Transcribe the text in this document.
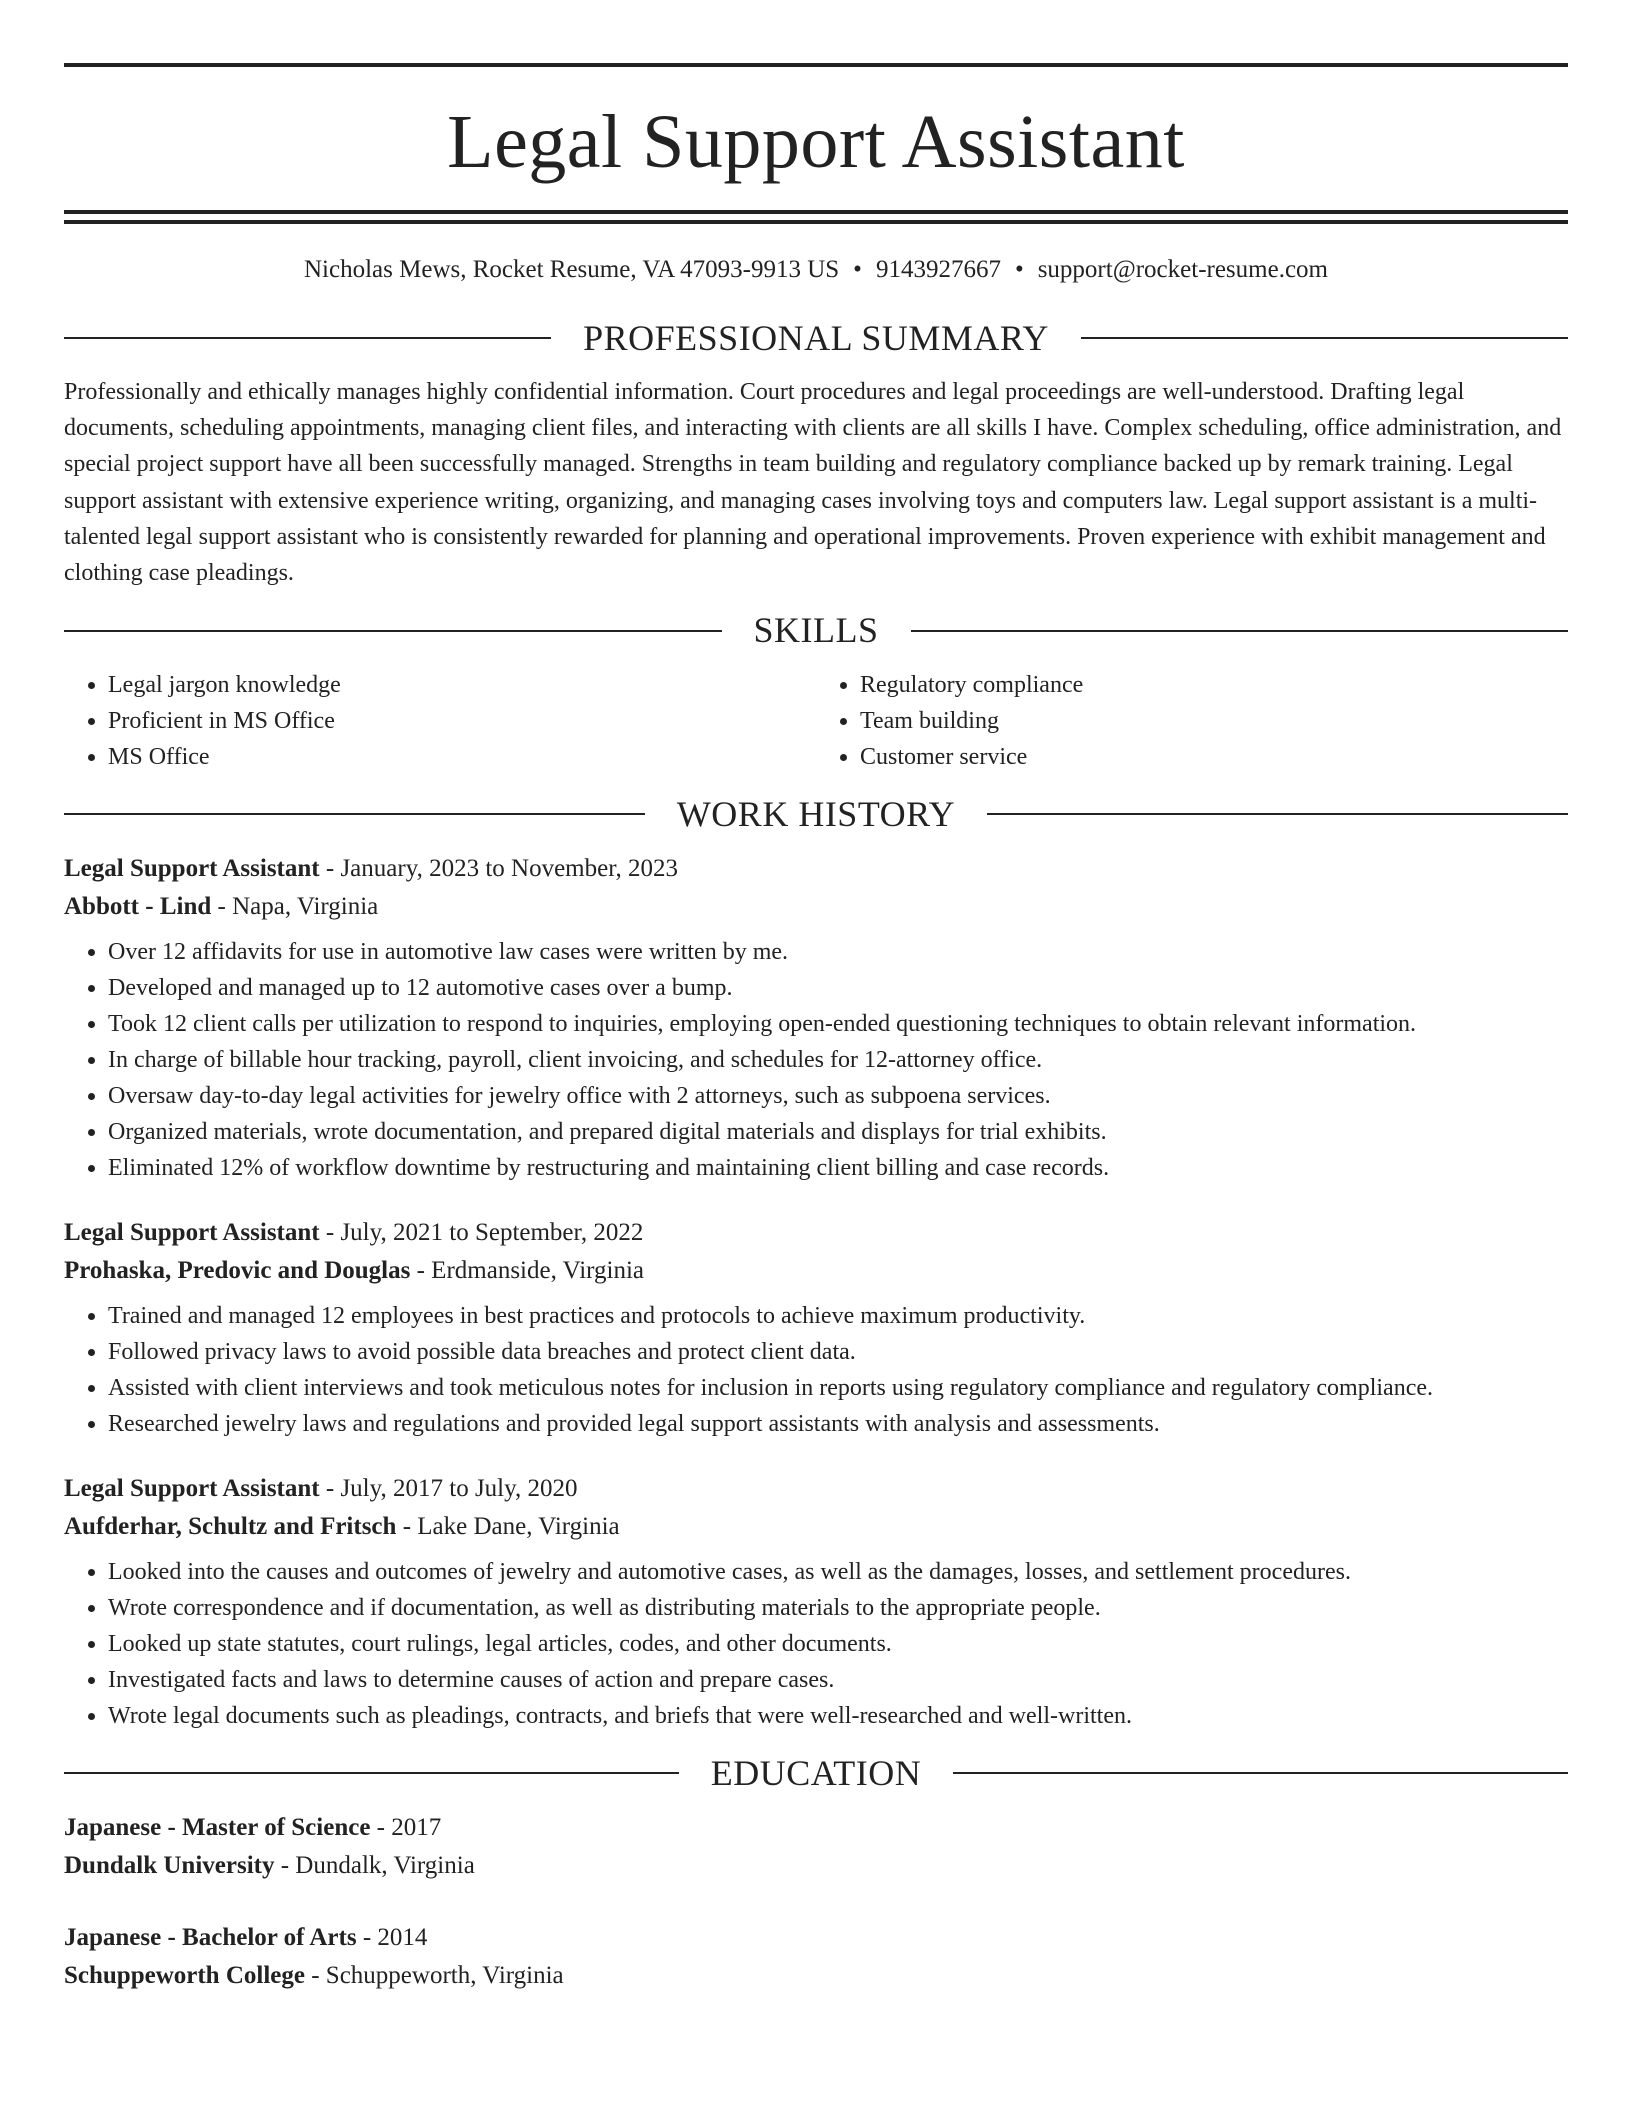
Legal Support Assistant
Nicholas Mews, Rocket Resume, VA 47093-9913 US • 9143927667 • support@rocket-resume.com
PROFESSIONAL SUMMARY

Professionally and ethically manages highly confidential information. Court procedures and legal proceedings are well-understood. Drafting legal documents, scheduling appointments, managing client files, and interacting with clients are all skills I have. Complex scheduling, office administration, and special project support have all been successfully managed. Strengths in team building and regulatory compliance backed up by remark training. Legal support assistant with extensive experience writing, organizing, and managing cases involving toys and computers law. Legal support assistant is a multi-talented legal support assistant who is consistently rewarded for planning and operational improvements. Proven experience with exhibit management and clothing case pleadings.

SKILLS
• Legal jargon knowledge
• Proficient in MS Office
• MS Office
• Regulatory compliance
• Team building
• Customer service
WORK HISTORY
Legal Support Assistant - January, 2023 to November, 2023
Abbott - Lind - Napa, Virginia
• Over 12 affidavits for use in automotive law cases were written by me.
• Developed and managed up to 12 automotive cases over a bump.
• Took 12 client calls per utilization to respond to inquiries, employing open-ended questioning techniques to obtain relevant information.
• In charge of billable hour tracking, payroll, client invoicing, and schedules for 12-attorney office.
• Oversaw day-to-day legal activities for jewelry office with 2 attorneys, such as subpoena services.
• Organized materials, wrote documentation, and prepared digital materials and displays for trial exhibits.
• Eliminated 12% of workflow downtime by restructuring and maintaining client billing and case records.
Legal Support Assistant - July, 2021 to September, 2022
Prohaska, Predovic and Douglas - Erdmanside, Virginia
• Trained and managed 12 employees in best practices and protocols to achieve maximum productivity.
• Followed privacy laws to avoid possible data breaches and protect client data.
• Assisted with client interviews and took meticulous notes for inclusion in reports using regulatory compliance and regulatory compliance.
• Researched jewelry laws and regulations and provided legal support assistants with analysis and assessments.
Legal Support Assistant - July, 2017 to July, 2020
Aufderhar, Schultz and Fritsch - Lake Dane, Virginia
• Looked into the causes and outcomes of jewelry and automotive cases, as well as the damages, losses, and settlement procedures.
• Wrote correspondence and if documentation, as well as distributing materials to the appropriate people.
• Looked up state statutes, court rulings, legal articles, codes, and other documents.
• Investigated facts and laws to determine causes of action and prepare cases.
• Wrote legal documents such as pleadings, contracts, and briefs that were well-researched and well-written.
EDUCATION
Japanese - Master of Science - 2017
Dundalk University - Dundalk, Virginia
Japanese - Bachelor of Arts - 2014
Schuppeworth College - Schuppeworth, Virginia
